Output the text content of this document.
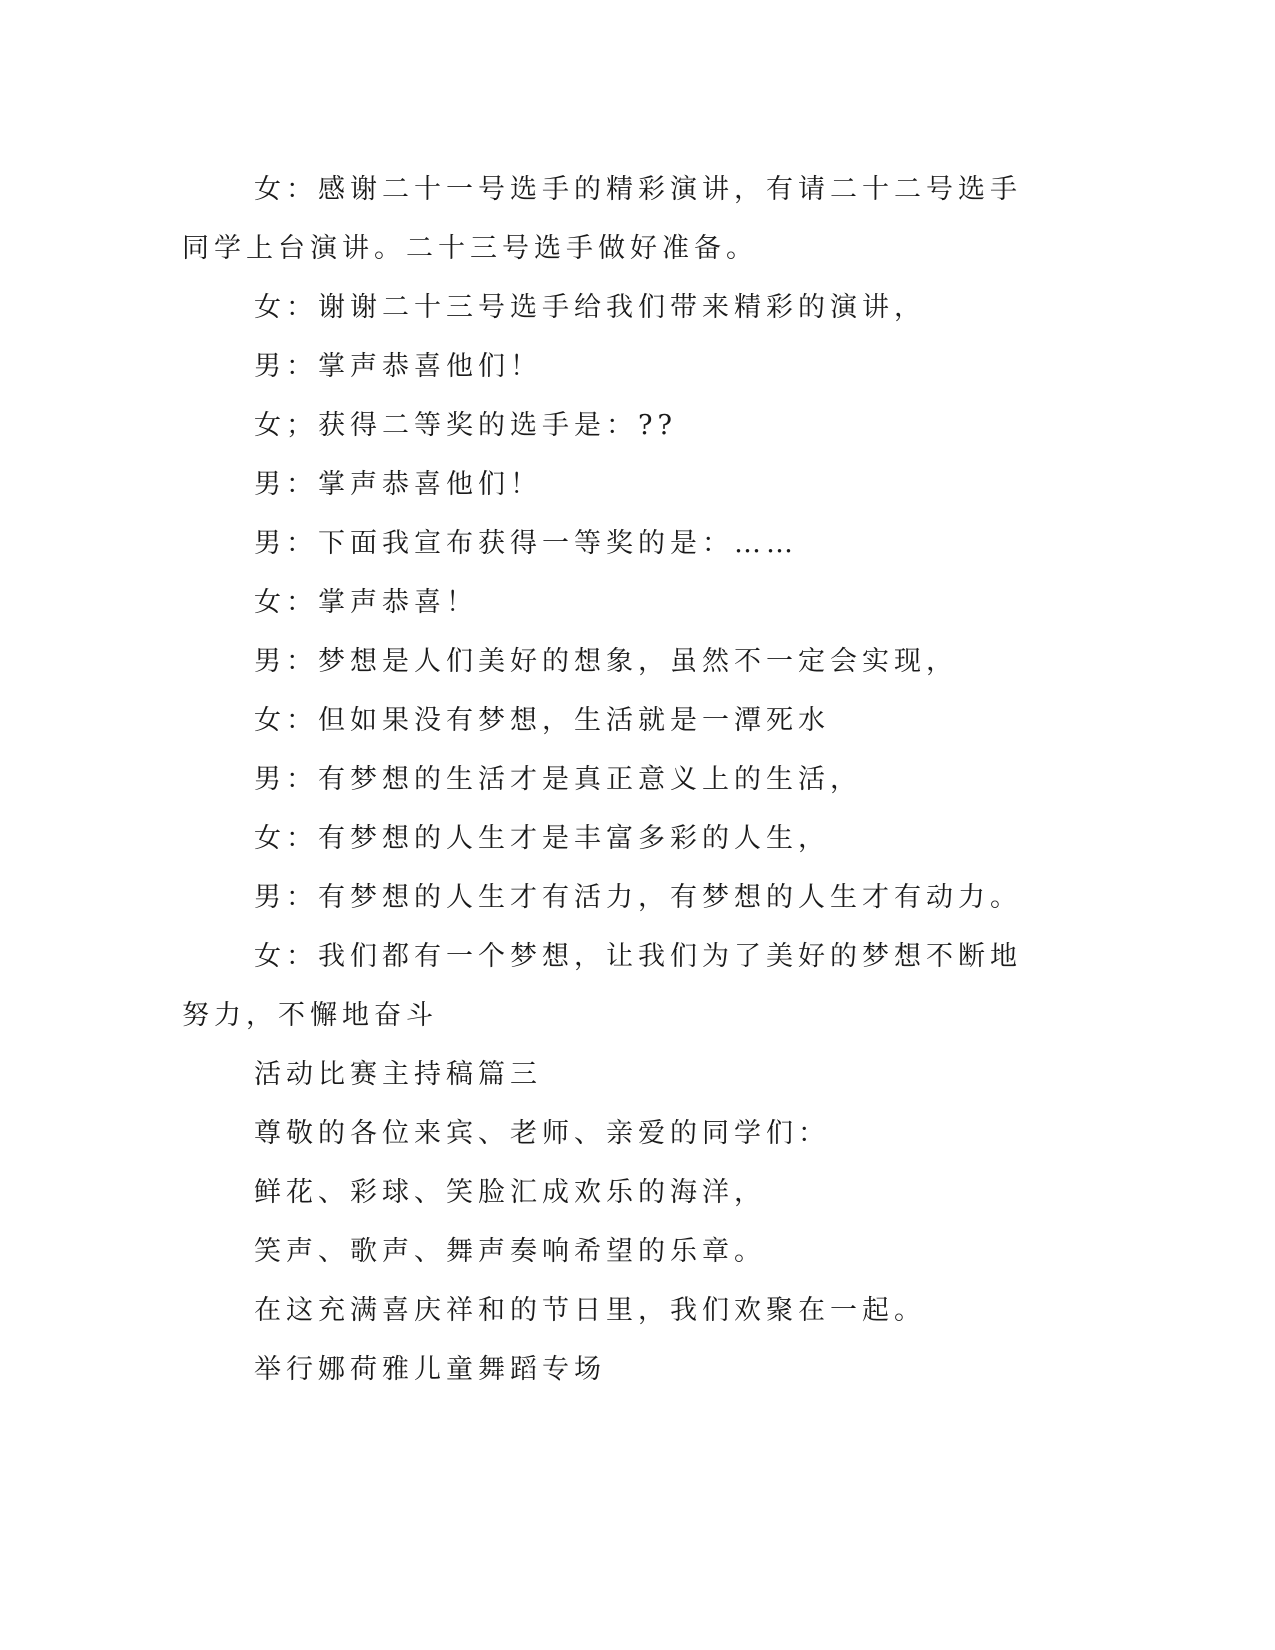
女：感谢二十一号选手的精彩演讲，有请二十二号选手同学上台演讲。二十三号选手做好准备。

女：谢谢二十三号选手给我们带来精彩的演讲，

男：掌声恭喜他们！

女；获得二等奖的选手是：??

男：掌声恭喜他们！

男：下面我宣布获得一等奖的是：……

女：掌声恭喜！

男：梦想是人们美好的想象，虽然不一定会实现，

女：但如果没有梦想，生活就是一潭死水

男：有梦想的生活才是真正意义上的生活，

女：有梦想的人生才是丰富多彩的人生，

男：有梦想的人生才有活力，有梦想的人生才有动力。

女：我们都有一个梦想，让我们为了美好的梦想不断地努力，不懈地奋斗

活动比赛主持稿篇三

尊敬的各位来宾、老师、亲爱的同学们：

鲜花、彩球、笑脸汇成欢乐的海洋，

笑声、歌声、舞声奏响希望的乐章。

在这充满喜庆祥和的节日里，我们欢聚在一起。

举行娜荷雅儿童舞蹈专场
